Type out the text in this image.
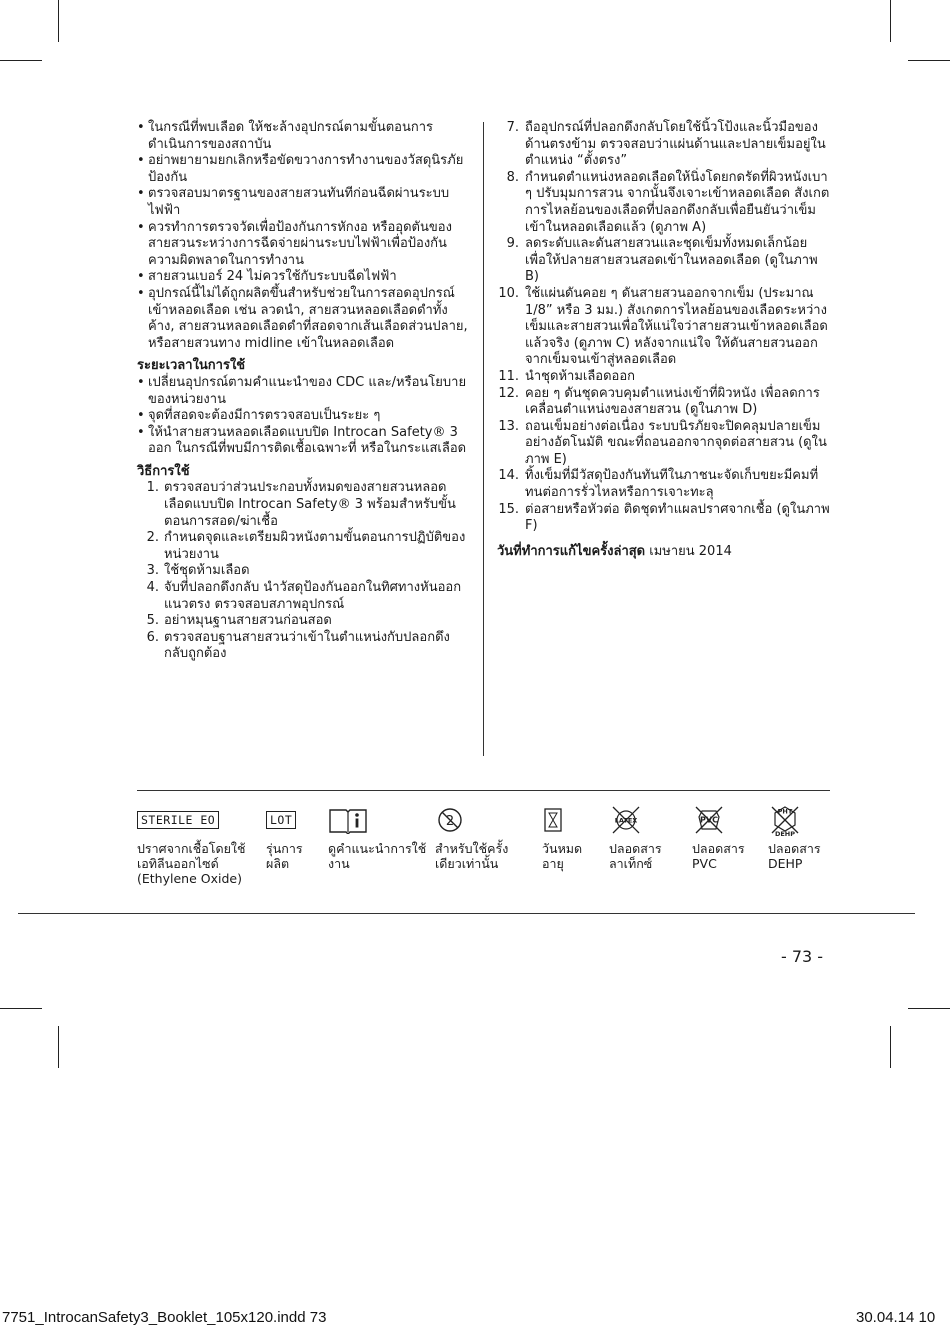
• ในกรณีที่พบเลือด ให้ชะล้างอุปกรณ์ตามขั้นตอนการดำเนินการของสถาบัน
• อย่าพยายามยกเลิกหรือขัดขวางการทำงานของวัสดุนิรภัยป้องกัน
• ตรวจสอบมาตรฐานของสายสวนทันทีก่อนฉีดผ่านระบบไฟฟ้า
• ควรทำการตรวจวัดเพื่อป้องกันการหักงอ หรืออุดตันของสายสวนระหว่างการฉีดจ่ายผ่านระบบไฟฟ้าเพื่อป้องกันความผิดพลาดในการทำงาน
• สายสวนเบอร์ 24 ไม่ควรใช้กับระบบฉีดไฟฟ้า
• อุปกรณ์นี้ไม่ได้ถูกผลิตขึ้นสำหรับช่วยในการสอดอุปกรณ์เข้าหลอดเลือด เช่น ลวดนำ, สายสวนหลอดเลือดดำทั้งค้าง, สายสวนหลอดเลือดดำที่สอดจากเส้นเลือดส่วนปลาย, หรือสายสวนทาง midline เข้าในหลอดเลือด
ระยะเวลาในการใช้
• เปลี่ยนอุปกรณ์ตามคำแนะนำของ CDC และ/หรือนโยบายของหน่วยงาน
• จุดที่สอดจะต้องมีการตรวจสอบเป็นระยะ ๆ
• ให้นำสายสวนหลอดเลือดแบบปิด Introcan Safety® 3 ออก ในกรณีที่พบมีการติดเชื้อเฉพาะที่ หรือในกระแสเลือด
วิธีการใช้
1. ตรวจสอบว่าส่วนประกอบทั้งหมดของสายสวนหลอดเลือดแบบปิด Introcan Safety® 3 พร้อมสำหรับขั้นตอนการสอด/ฆ่าเชื้อ
2. กำหนดจุดและเตรียมผิวหนังตามขั้นตอนการปฏิบัติของหน่วยงาน
3. ใช้ชุดห้ามเลือด
4. จับที่ปลอกดึงกลับ นำวัสดุป้องกันออกในทิศทางหันออกแนวตรง ตรวจสอบสภาพอุปกรณ์
5. อย่าหมุนฐานสายสวนก่อนสอด
6. ตรวจสอบฐานสายสวนว่าเข้าในตำแหน่งกับปลอกดึงกลับถูกต้อง
7. ถืออุปกรณ์ที่ปลอกดึงกลับโดยใช้นิ้วโป้งและนิ้วมือของด้านตรงข้าม ตรวจสอบว่าแผ่นด้านและปลายเข็มอยู่ในตำแหน่ง “ตั้งตรง”
8. กำหนดตำแหน่งหลอดเลือดให้นิ่งโดยกดรัดที่ผิวหนังเบา ๆ ปรับมุมการสวน จากนั้นจึงเจาะเข้าหลอดเลือด สังเกตการไหลย้อนของเลือดที่ปลอกดึงกลับเพื่อยืนยันว่าเข็มเข้าในหลอดเลือดแล้ว (ดูภาพ A)
9. ลดระดับและดันสายสวนและชุดเข็มทั้งหมดเล็กน้อย เพื่อให้ปลายสายสวนสอดเข้าในหลอดเลือด (ดูในภาพ B)
10. ใช้แผ่นดันคอย ๆ ดันสายสวนออกจากเข็ม (ประมาณ 1/8” หรือ 3 มม.) สังเกตการไหลย้อนของเลือดระหว่างเข็มและสายสวนเพื่อให้แน่ใจว่าสายสวนเข้าหลอดเลือดแล้วจริง (ดูภาพ C) หลังจากแน่ใจ ให้ดันสายสวนออกจากเข็มจนเข้าสู่หลอดเลือด
11. นำชุดห้ามเลือดออก
12. คอย ๆ ดันชุดควบคุมตำแหน่งเข้าที่ผิวหนัง เพื่อลดการเคลื่อนตำแหน่งของสายสวน (ดูในภาพ D)
13. ถอนเข็มอย่างต่อเนื่อง ระบบนิรภัยจะปิดคลุมปลายเข็มอย่างอัตโนมัติ ขณะที่ถอนออกจากจุดต่อสายสวน (ดูในภาพ E)
14. ทิ้งเข็มที่มีวัสดุป้องกันทันทีในภาชนะจัดเก็บขยะมีคมที่ทนต่อการรั่วไหลหรือการเจาะทะลุ
15. ต่อสายหรือหัวต่อ ติดชุดทำแผลปราศจากเชื้อ (ดูในภาพ F)
วันที่ทำการแก้ไขครั้งล่าสุด เมษายน 2014
STERILE EO
ปราศจากเชื้อโดยใช้เอทิลีนออกไซด์ (Ethylene Oxide)
LOT
รุ่นการผลิต
ดูคำแนะนำการใช้งาน
2
สำหรับใช้ครั้งเดียวเท่านั้น
วันหมดอายุ
LATEX
ปลอดสารลาเท็กซ์
PVC
ปลอดสาร
PVC
PHT
DEHP
ปลอดสาร
DEHP
- 73 -
7751_IntrocanSafety3_Booklet_105x120.indd 73	30.04.14 10
